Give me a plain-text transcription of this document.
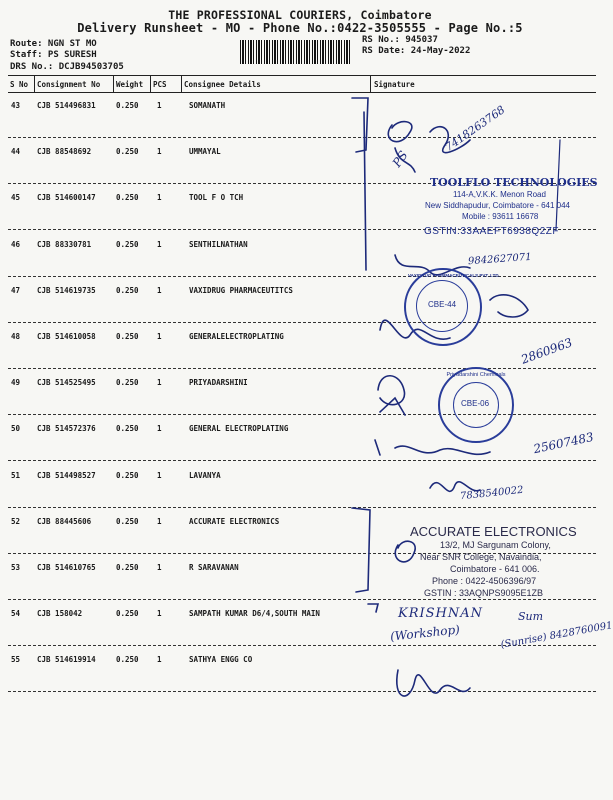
THE PROFESSIONAL COURIERS, Coimbatore
Delivery Runsheet - MO - Phone No.:0422-3505555 - Page No.:5
Route: NGN ST MO
Staff: PS SURESH
DRS No.: DCJB94503705
RS No.: 945037
RS Date: 24-May-2022
S No Consignment No Weight PCS Consignee Details	Signature
43 CJB 514496831	0.250 1	SOMANATH
44 CJB 88548692	0.250 1	UMMAYAL
45 CJB 514600147	0.250 1	TOOL F O TCH
46 CJB 88330781	0.250 1	SENTHILNATHAN
47 CJB 514619735	0.250 1	VAXIDRUG PHARMACEUTITCS
48 CJB 514610058	0.250 1	GENERALELECTROPLATING
49 CJB 514525495	0.250 1	PRIYADARSHINI
50 CJB 514572376	0.250 1	GENERAL ELECTROPLATING
51 CJB 514498527	0.250 1	LAVANYA
52 CJB 88445606	0.250 1	ACCURATE ELECTRONICS
53 CJB 514610765	0.250 1	R SARAVANAN
54 CJB 158042	0.250 1	SAMPATH KUMAR D6/4,SOUTH MAIN
55 CJB 514619914	0.250 1	SATHYA ENGG CO
TOOLFLO TECHNOLOGIES
114-A,V.K.K. Menon Road
New Siddhapudur, Coimbatore - 641 044
Mobile : 93611 16678
GSTIN:33AAEFT6938Q2ZF
VAXIDRUG PHARMACEUTICALS PVT. LTD.
CBE-44
Priyadarshini Chemicals
CBE-06
ACCURATE ELECTRONICS
13/2, MJ Sargunam Colony,
Near SNR College, Navaindia,
Coimbatore - 641 006.
Phone : 0422-4506396/97
GSTIN : 33AQNPS9095E1ZB
7418263768
PS
9842627071
2860963
25607483
7838540022
KRISHNAN	Sum
(Workshop)	(Sunrise) 8428760091
